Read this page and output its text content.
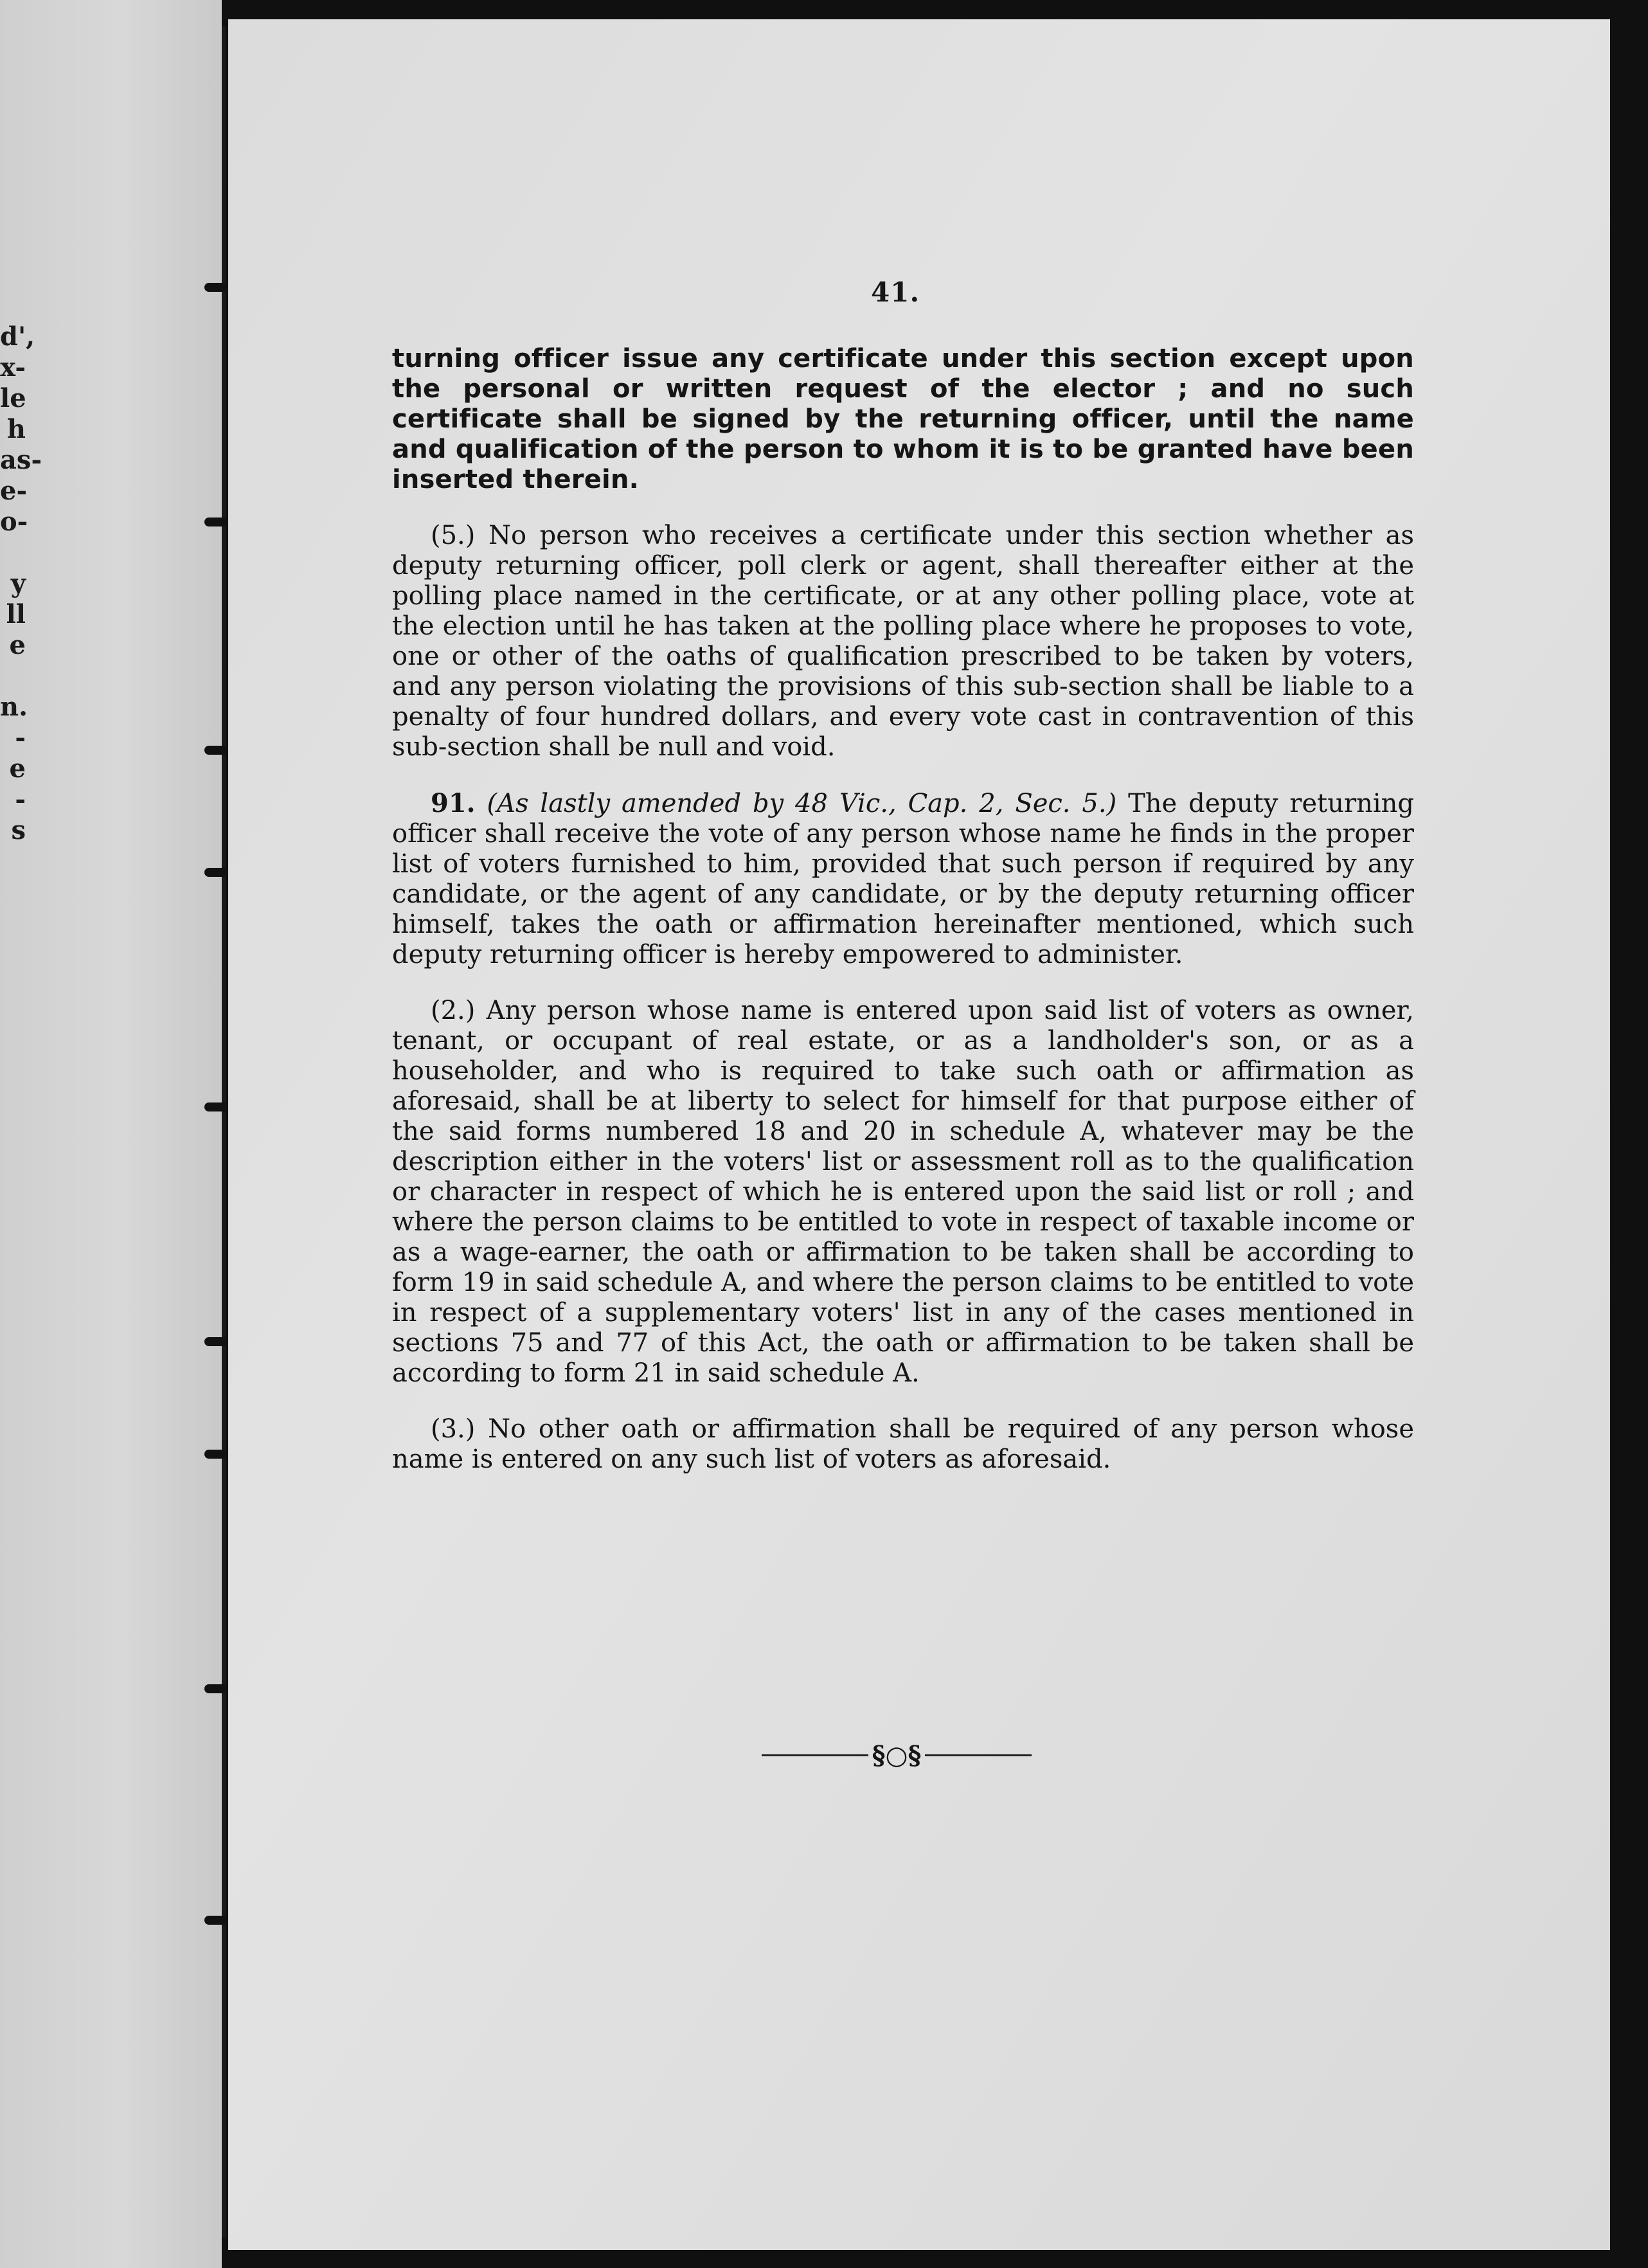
d',
x-
le
h
as-
e-
o-
y
ll
e
n.
-
e
-
s
41.

turning officer issue any certificate under this section except upon the personal or written request of the elector ; and no such certificate shall be signed by the returning officer, until the name and qualification of the person to whom it is to be granted have been inserted therein.

(5.) No person who receives a certificate under this section whether as deputy returning officer, poll clerk or agent, shall thereafter either at the polling place named in the certificate, or at any other polling place, vote at the election until he has taken at the polling place where he proposes to vote, one or other of the oaths of qualification prescribed to be taken by voters, and any person violating the provisions of this sub-section shall be liable to a penalty of four hundred dollars, and every vote cast in contravention of this sub-section shall be null and void.

91. (As lastly amended by 48 Vic., Cap. 2, Sec. 5.) The deputy returning officer shall receive the vote of any person whose name he finds in the proper list of voters furnished to him, provided that such person if required by any candidate, or the agent of any candidate, or by the deputy returning officer himself, takes the oath or affirmation hereinafter mentioned, which such deputy returning officer is hereby empowered to administer.

(2.) Any person whose name is entered upon said list of voters as owner, tenant, or occupant of real estate, or as a landholder's son, or as a householder, and who is required to take such oath or affirmation as aforesaid, shall be at liberty to select for himself for that purpose either of the said forms numbered 18 and 20 in schedule A, whatever may be the description either in the voters' list or assessment roll as to the qualification or character in respect of which he is entered upon the said list or roll ; and where the person claims to be entitled to vote in respect of taxable income or as a wage-earner, the oath or affirmation to be taken shall be according to form 19 in said schedule A, and where the person claims to be entitled to vote in respect of a supplementary voters' list in any of the cases mentioned in sections 75 and 77 of this Act, the oath or affirmation to be taken shall be according to form 21 in said schedule A.

(3.) No other oath or affirmation shall be required of any person whose name is entered on any such list of voters as aforesaid.

§○§
